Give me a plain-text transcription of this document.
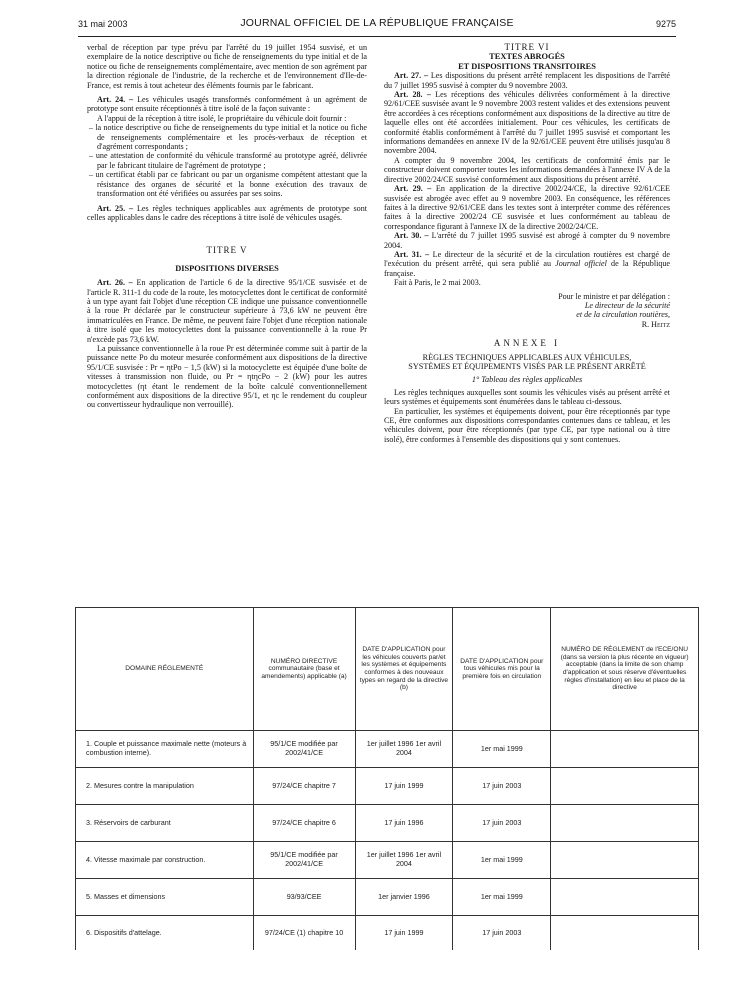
31 mai 2003	JOURNAL OFFICIEL DE LA RÉPUBLIQUE FRANÇAISE	9275

verbal de réception par type prévu par l'arrêté du 19 juillet 1954 susvisé, et un exemplaire de la notice descriptive ou fiche de renseignements du type initial et de la notice ou fiche de renseignements complémentaire, avec mention de son agrément par la direction régionale de l'industrie, de la recherche et de l'environnement d'Ile-de-France, est remis à tout acheteur des éléments fournis par le fabricant.

Art. 24. – Les véhicules usagés transformés conformément à un agrément de prototype sont ensuite réceptionnés à titre isolé de la façon suivante :

A l'appui de la réception à titre isolé, le propriétaire du véhicule doit fournir :

– la notice descriptive ou fiche de renseignements du type initial et la notice ou fiche de renseignements complémentaire et les procès-verbaux de réception et d'agrément correspondants ;
– une attestation de conformité du véhicule transformé au prototype agréé, délivrée par le fabricant titulaire de l'agrément de prototype ;
– un certificat établi par ce fabricant ou par un organisme compétent attestant que la résistance des organes de sécurité et la bonne exécution des travaux de transformation ont été vérifiées ou assurées par ses soins.

Art. 25. – Les règles techniques applicables aux agréments de prototype sont celles applicables dans le cadre des réceptions à titre isolé de véhicules usagés.

TITRE V

DISPOSITIONS DIVERSES

Art. 26. – En application de l'article 6 de la directive 95/1/CE susvisée et de l'article R. 311-1 du code de la route, les motocyclettes dont le certificat de conformité à un type ayant fait l'objet d'une réception CE indique une puissance conventionnelle à la roue Pr déclarée par le constructeur supérieure à 73,6 kW ne peuvent être immatriculées en France. De même, ne peuvent faire l'objet d'une réception nationale à titre isolé que les motocyclettes dont la puissance conventionnelle à la roue Pr n'excède pas 73,6 kW.

La puissance conventionnelle à la roue Pr est déterminée comme suit à partir de la puissance nette Po du moteur mesurée conformément aux dispositions de la directive 95/1/CE susvisée : Pr = ηtPo − 1,5 (kW) si la motocyclette est équipée d'une boîte de vitesses à transmission non fluide, ou Pr = ηtηcPo − 2 (kW) pour les autres motocyclettes (ηt étant le rendement de la boîte calculé conventionnellement conformément aux dispositions de la directive 95/1, et ηc le rendement du coupleur ou convertisseur hydraulique non verrouillé).

TITRE VI

TEXTES ABROGÉS

ET DISPOSITIONS TRANSITOIRES

Art. 27. – Les dispositions du présent arrêté remplacent les dispositions de l'arrêté du 7 juillet 1995 susvisé à compter du 9 novembre 2003.

Art. 28. – Les réceptions des véhicules délivrées conformément à la directive 92/61/CEE susvisée avant le 9 novembre 2003 restent valides et des extensions peuvent être accordées à ces réceptions conformément aux dispositions de la directive au titre de laquelle elles ont été accordées initialement. Pour ces véhicules, les certificats de conformité établis conformément à l'arrêté du 7 juillet 1995 susvisé et comportant les informations demandées en annexe IV de la 92/61/CEE peuvent être utilisés jusqu'au 8 novembre 2004.

A compter du 9 novembre 2004, les certificats de conformité émis par le constructeur doivent comporter toutes les informations demandées à l'annexe IV A de la directive 2002/24/CE susvisé conformément aux dispositions du présent arrêté.

Art. 29. – En application de la directive 2002/24/CE, la directive 92/61/CEE susvisée est abrogée avec effet au 9 novembre 2003. En conséquence, les références faites à la directive 92/61/CEE dans les textes sont à interpréter comme des références faites à la directive 2002/24 CE susvisée et lues conformément au tableau de correspondance figurant à l'annexe IX de la directive 2002/24/CE.

Art. 30. – L'arrêté du 7 juillet 1995 susvisé est abrogé à compter du 9 novembre 2004.

Art. 31. – Le directeur de la sécurité et de la circulation routières est chargé de l'exécution du présent arrêté, qui sera publié au Journal officiel de la République française.

Fait à Paris, le 2 mai 2003.

Pour le ministre et par délégation :

Le directeur de la sécurité

et de la circulation routières,

R. Heitz

ANNEXE I

RÈGLES TECHNIQUES APPLICABLES AUX VÉHICULES,

SYSTÈMES ET ÉQUIPEMENTS VISÉS PAR LE PRÉSENT ARRÊTÉ

1° Tableau des règles applicables

Les règles techniques auxquelles sont soumis les véhicules visés au présent arrêté et leurs systèmes et équipements sont énumérées dans le tableau ci-dessous.

En particulier, les systèmes et équipements doivent, pour être réceptionnés par type CE, être conformes aux dispositions correspondantes contenues dans ce tableau, et les véhicules doivent, pour être réceptionnés (par type CE, par type national ou à titre isolé), être conformes à l'ensemble des dispositions qui y sont contenues.

DOMAINE RÉGLEMENTÉ	NUMÉRO DIRECTIVE communautaire (base et amendements) applicable (a)	DATE D'APPLICATION pour les véhicules couverts par/et les systèmes et équipements conformes à des nouveaux types en regard de la directive (b)	DATE D'APPLICATION pour tous véhicules mis pour la première fois en circulation	NUMÉRO DE RÈGLEMENT de l'ECE/ONU (dans sa version la plus récente en vigueur) acceptable (dans la limite de son champ d'application et sous réserve d'éventuelles règles d'installation) en lieu et place de la directive
1. Couple et puissance maximale nette (moteurs à combustion interne).	95/1/CE modifiée par 2002/41/CE	1er juillet 1996 1er avril 2004	1er mai 1999	
2. Mesures contre la manipulation	97/24/CE chapitre 7	17 juin 1999	17 juin 2003	
3. Réservoirs de carburant	97/24/CE chapitre 6	17 juin 1996	17 juin 2003	
4. Vitesse maximale par construction.	95/1/CE modifiée par 2002/41/CE	1er juillet 1996 1er avril 2004	1er mai 1999	
5. Masses et dimensions	93/93/CEE	1er janvier 1996	1er mai 1999	
6. Dispositifs d'attelage.	97/24/CE (1) chapitre 10	17 juin 1999	17 juin 2003	
